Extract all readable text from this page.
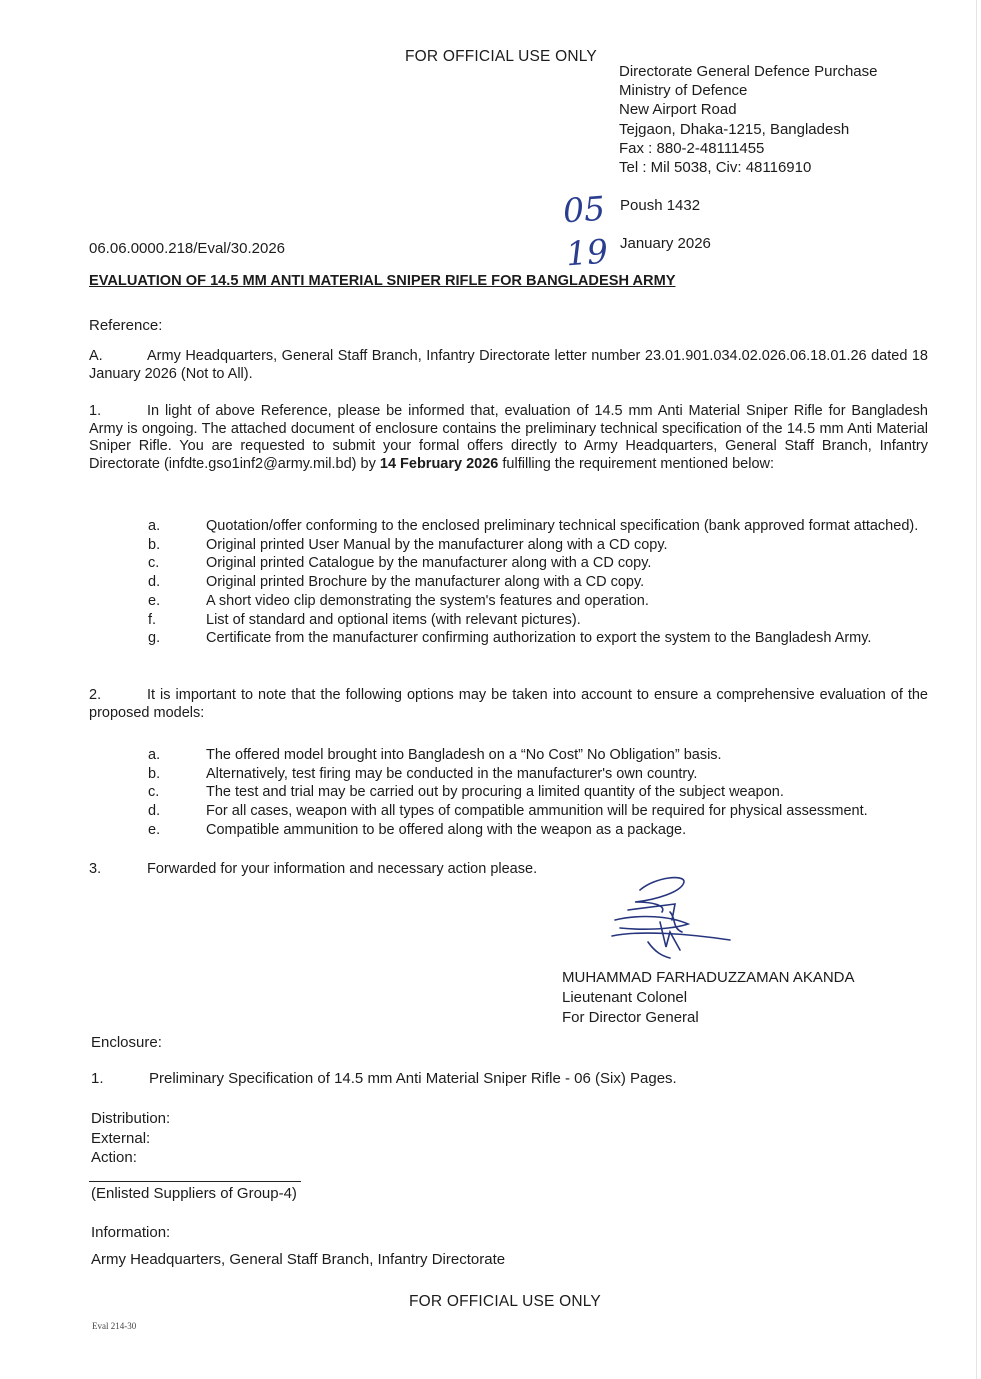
FOR OFFICIAL USE ONLY
Directorate General Defence Purchase
Ministry of Defence
New Airport Road
Tejgaon, Dhaka-1215, Bangladesh
Fax : 880-2-48111455
Tel : Mil 5038, Civ: 48116910
05 Poush 1432
19 January 2026
06.06.0000.218/Eval/30.2026
EVALUATION OF 14.5 MM ANTI MATERIAL SNIPER RIFLE FOR BANGLADESH ARMY
Reference:
A.	Army Headquarters, General Staff Branch, Infantry Directorate letter number 23.01.901.034.02.026.06.18.01.26 dated 18 January 2026 (Not to All).
1.	In light of above Reference, please be informed that, evaluation of 14.5 mm Anti Material Sniper Rifle for Bangladesh Army is ongoing. The attached document of enclosure contains the preliminary technical specification of the 14.5 mm Anti Material Sniper Rifle. You are requested to submit your formal offers directly to Army Headquarters, General Staff Branch, Infantry Directorate (infdte.gso1inf2@army.mil.bd) by 14 February 2026 fulfilling the requirement mentioned below:
a.	Quotation/offer conforming to the enclosed preliminary technical specification (bank approved format attached).
b.	Original printed User Manual by the manufacturer along with a CD copy.
c.	Original printed Catalogue by the manufacturer along with a CD copy.
d.	Original printed Brochure by the manufacturer along with a CD copy.
e.	A short video clip demonstrating the system's features and operation.
f.	List of standard and optional items (with relevant pictures).
g.	Certificate from the manufacturer confirming authorization to export the system to the Bangladesh Army.
2.	It is important to note that the following options may be taken into account to ensure a comprehensive evaluation of the proposed models:
a.	The offered model brought into Bangladesh on a “No Cost” No Obligation” basis.
b.	Alternatively, test firing may be conducted in the manufacturer's own country.
c.	The test and trial may be carried out by procuring a limited quantity of the subject weapon.
d.	For all cases, weapon with all types of compatible ammunition will be required for physical assessment.
e.	Compatible ammunition to be offered along with the weapon as a package.
3.	Forwarded for your information and necessary action please.
MUHAMMAD FARHADUZZAMAN AKANDA
Lieutenant Colonel
For Director General
Enclosure:
1.	Preliminary Specification of 14.5 mm Anti Material Sniper Rifle - 06 (Six) Pages.
Distribution:
External:
Action:
(Enlisted Suppliers of Group-4)
Information:
Army Headquarters, General Staff Branch, Infantry Directorate
FOR OFFICIAL USE ONLY
Eval 214-30
